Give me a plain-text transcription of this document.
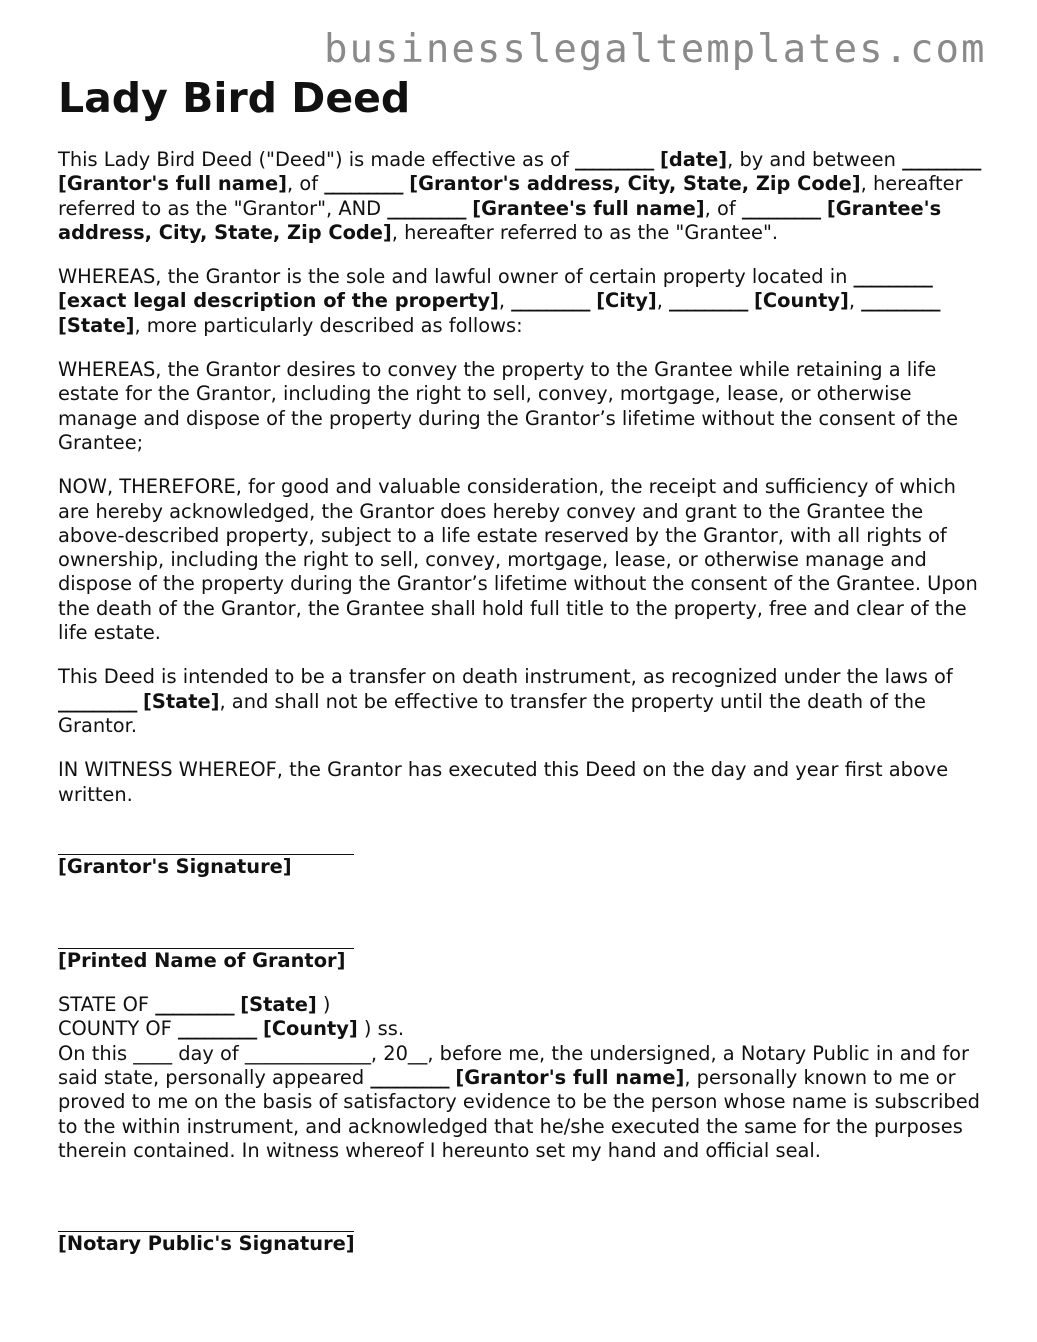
businesslegaltemplates.com
Lady Bird Deed

This Lady Bird Deed ("Deed") is made effective as of _________ [date], by and between _________ [Grantor's full name], of _________ [Grantor's address, City, State, Zip Code], hereafter referred to as the "Grantor", AND _________ [Grantee's full name], of _________ [Grantee's address, City, State, Zip Code], hereafter referred to as the "Grantee".

WHEREAS, the Grantor is the sole and lawful owner of certain property located in _________ [exact legal description of the property], _________ [City], _________ [County], _________ [State], more particularly described as follows:

WHEREAS, the Grantor desires to convey the property to the Grantee while retaining a life estate for the Grantor, including the right to sell, convey, mortgage, lease, or otherwise manage and dispose of the property during the Grantor’s lifetime without the consent of the Grantee;

NOW, THEREFORE, for good and valuable consideration, the receipt and sufficiency of which are hereby acknowledged, the Grantor does hereby convey and grant to the Grantee the above-described property, subject to a life estate reserved by the Grantor, with all rights of ownership, including the right to sell, convey, mortgage, lease, or otherwise manage and dispose of the property during the Grantor’s lifetime without the consent of the Grantee. Upon the death of the Grantor, the Grantee shall hold full title to the property, free and clear of the life estate.

This Deed is intended to be a transfer on death instrument, as recognized under the laws of _________ [State], and shall not be effective to transfer the property until the death of the Grantor.

IN WITNESS WHEREOF, the Grantor has executed this Deed on the day and year first above written.

[Grantor's Signature]
[Printed Name of Grantor]

STATE OF _________ [State] )

COUNTY OF _________ [County] ) ss.

On this ____ day of _____________, 20__, before me, the undersigned, a Notary Public in and for said state, personally appeared _________ [Grantor's full name], personally known to me or proved to me on the basis of satisfactory evidence to be the person whose name is subscribed to the within instrument, and acknowledged that he/she executed the same for the purposes therein contained. In witness whereof I hereunto set my hand and official seal.

[Notary Public's Signature]
